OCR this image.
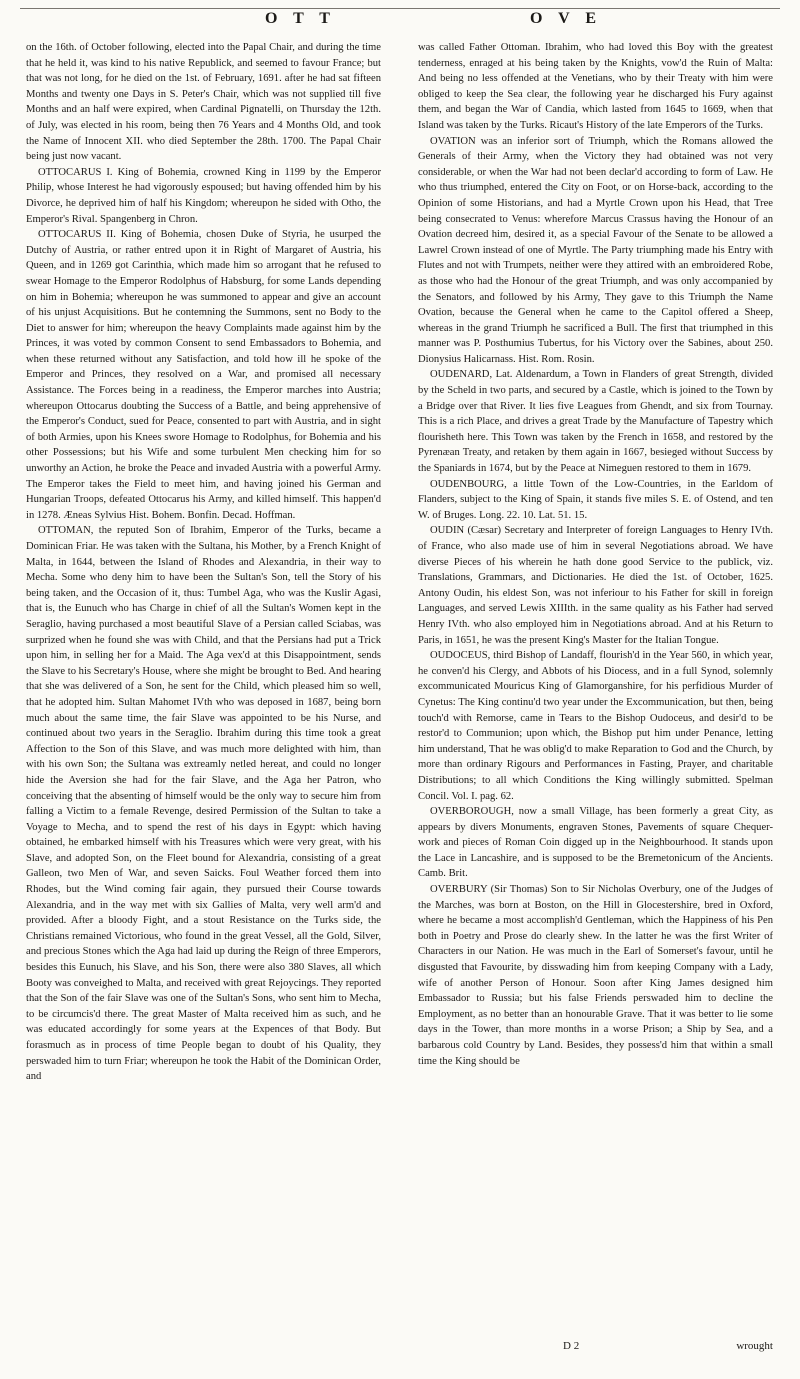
O T T	O V E

on the 16th. of October following, elected into the Papal Chair, and during the time that he held it, was kind to his native Republick, and seemed to favour France; but that was not long, for he died on the 1st. of February, 1691. after he had sat fifteen Months and twenty one Days in S. Peter's Chair, which was not supplied till five Months and an half were expired, when Cardinal Pignatelli, on Thursday the 12th. of July, was elected in his room, being then 76 Years and 4 Months Old, and took the Name of Innocent XII. who died September the 28th. 1700. The Papal Chair being just now vacant.

OTTOCARUS I. King of Bohemia, crowned King in 1199 by the Emperor Philip, whose Interest he had vigorously espoused; but having offended him by his Divorce, he deprived him of half his Kingdom; whereupon he sided with Otho, the Emperor's Rival. Spangenberg in Chron.

OTTOCARUS II. King of Bohemia, chosen Duke of Styria, he usurped the Dutchy of Austria, or rather entred upon it in Right of Margaret of Austria, his Queen, and in 1269 got Carinthia, which made him so arrogant that he refused to swear Homage to the Emperor Rodolphus of Habsburg, for some Lands depending on him in Bohemia; whereupon he was summoned to appear and give an account of his unjust Acquisitions. But he contemning the Summons, sent no Body to the Diet to answer for him; whereupon the heavy Complaints made against him by the Princes, it was voted by common Consent to send Embassadors to Bohemia, and when these returned without any Satisfaction, and told how ill he spoke of the Emperor and Princes, they resolved on a War, and promised all necessary Assistance. The Forces being in a readiness, the Emperor marches into Austria; whereupon Ottocarus doubting the Success of a Battle, and being apprehensive of the Emperor's Conduct, sued for Peace, consented to part with Austria, and in sight of both Armies, upon his Knees swore Homage to Rodolphus, for Bohemia and his other Possessions; but his Wife and some turbulent Men checking him for so unworthy an Action, he broke the Peace and invaded Austria with a powerful Army. The Emperor takes the Field to meet him, and having joined his German and Hungarian Troops, defeated Ottocarus his Army, and killed himself. This happen'd in 1278. Æneas Sylvius Hist. Bohem. Bonfin. Decad. Hoffman.

OTTOMAN, the reputed Son of Ibrahim, Emperor of the Turks, became a Dominican Friar. He was taken with the Sultana, his Mother, by a French Knight of Malta, in 1644, between the Island of Rhodes and Alexandria, in their way to Mecha. Some who deny him to have been the Sultan's Son, tell the Story of his being taken, and the Occasion of it, thus: Tumbel Aga, who was the Kuslir Agasi, that is, the Eunuch who has Charge in chief of all the Sultan's Women kept in the Seraglio, having purchased a most beautiful Slave of a Persian called Sciabas, was surprized when he found she was with Child, and that the Persians had put a Trick upon him, in selling her for a Maid. The Aga vex'd at this Disappointment, sends the Slave to his Secretary's House, where she might be brought to Bed. And hearing that she was delivered of a Son, he sent for the Child, which pleased him so well, that he adopted him. Sultan Mahomet IVth who was deposed in 1687, being born much about the same time, the fair Slave was appointed to be his Nurse, and continued about two years in the Seraglio. Ibrahim during this time took a great Affection to the Son of this Slave, and was much more delighted with him, than with his own Son; the Sultana was extreamly netled hereat, and could no longer hide the Aversion she had for the fair Slave, and the Aga her Patron, who conceiving that the absenting of himself would be the only way to secure him from falling a Victim to a female Revenge, desired Permission of the Sultan to take a Voyage to Mecha, and to spend the rest of his days in Egypt: which having obtained, he embarked himself with his Treasures which were very great, with his Slave, and adopted Son, on the Fleet bound for Alexandria, consisting of a great Galleon, two Men of War, and seven Saicks. Foul Weather forced them into Rhodes, but the Wind coming fair again, they pursued their Course towards Alexandria, and in the way met with six Gallies of Malta, very well arm'd and provided. After a bloody Fight, and a stout Resistance on the Turks side, the Christians remained Victorious, who found in the great Vessel, all the Gold, Silver, and precious Stones which the Aga had laid up during the Reign of three Emperors, besides this Eunuch, his Slave, and his Son, there were also 380 Slaves, all which Booty was conveighed to Malta, and received with great Rejoycings. They reported that the Son of the fair Slave was one of the Sultan's Sons, who sent him to Mecha, to be circumcis'd there. The great Master of Malta received him as such, and he was educated accordingly for some years at the Expences of that Body. But forasmuch as in process of time People began to doubt of his Quality, they perswaded him to turn Friar; whereupon he took the Habit of the Dominican Order, and

was called Father Ottoman. Ibrahim, who had loved this Boy with the greatest tenderness, enraged at his being taken by the Knights, vow'd the Ruin of Malta: And being no less offended at the Venetians, who by their Treaty with him were obliged to keep the Sea clear, the following year he discharged his Fury against them, and began the War of Candia, which lasted from 1645 to 1669, when that Island was taken by the Turks. Ricaut's History of the late Emperors of the Turks.

OVATION was an inferior sort of Triumph, which the Romans allowed the Generals of their Army, when the Victory they had obtained was not very considerable, or when the War had not been declar'd according to form of Law. He who thus triumphed, entered the City on Foot, or on Horse-back, according to the Opinion of some Historians, and had a Myrtle Crown upon his Head, that Tree being consecrated to Venus: wherefore Marcus Crassus having the Honour of an Ovation decreed him, desired it, as a special Favour of the Senate to be allowed a Lawrel Crown instead of one of Myrtle. The Party triumphing made his Entry with Flutes and not with Trumpets, neither were they attired with an embroidered Robe, as those who had the Honour of the great Triumph, and was only accompanied by the Senators, and followed by his Army, They gave to this Triumph the Name Ovation, because the General when he came to the Capitol offered a Sheep, whereas in the grand Triumph he sacrificed a Bull. The first that triumphed in this manner was P. Posthumius Tubertus, for his Victory over the Sabines, about 250. Dionysius Halicarnass. Hist. Rom. Rosin.

OUDENARD, Lat. Aldenardum, a Town in Flanders of great Strength, divided by the Scheld in two parts, and secured by a Castle, which is joined to the Town by a Bridge over that River. It lies five Leagues from Ghendt, and six from Tournay. This is a rich Place, and drives a great Trade by the Manufacture of Tapestry which flourisheth here. This Town was taken by the French in 1658, and restored by the Pyrenæan Treaty, and retaken by them again in 1667, besieged without Success by the Spaniards in 1674, but by the Peace at Nimeguen restored to them in 1679.

OUDENBOURG, a little Town of the Low-Countries, in the Earldom of Flanders, subject to the King of Spain, it stands five miles S. E. of Ostend, and ten W. of Bruges. Long. 22. 10. Lat. 51. 15.

OUDIN (Cæsar) Secretary and Interpreter of foreign Languages to Henry IVth. of France, who also made use of him in several Negotiations abroad. We have diverse Pieces of his wherein he hath done good Service to the publick, viz. Translations, Grammars, and Dictionaries. He died the 1st. of October, 1625. Antony Oudin, his eldest Son, was not inferiour to his Father for skill in foreign Languages, and served Lewis XIIIth. in the same quality as his Father had served Henry IVth. who also employed him in Negotiations abroad. And at his Return to Paris, in 1651, he was the present King's Master for the Italian Tongue.

OUDOCEUS, third Bishop of Landaff, flourish'd in the Year 560, in which year, he conven'd his Clergy, and Abbots of his Diocess, and in a full Synod, solemnly excommunicated Mouricus King of Glamorganshire, for his perfidious Murder of Cynetus: The King continu'd two year under the Excommunication, but then, being touch'd with Remorse, came in Tears to the Bishop Oudoceus, and desir'd to be restor'd to Communion; upon which, the Bishop put him under Penance, letting him understand, That he was oblig'd to make Reparation to God and the Church, by more than ordinary Rigours and Performances in Fasting, Prayer, and charitable Distributions; to all which Conditions the King willingly submitted. Spelman Concil. Vol. I. pag. 62.

OVERBOROUGH, now a small Village, has been formerly a great City, as appears by divers Monuments, engraven Stones, Pavements of square Chequer-work and pieces of Roman Coin digged up in the Neighbourhood. It stands upon the Lace in Lancashire, and is supposed to be the Bremetonicum of the Ancients. Camb. Brit.

OVERBURY (Sir Thomas) Son to Sir Nicholas Overbury, one of the Judges of the Marches, was born at Boston, on the Hill in Glocestershire, bred in Oxford, where he became a most accomplish'd Gentleman, which the Happiness of his Pen both in Poetry and Prose do clearly shew. In the latter he was the first Writer of Characters in our Nation. He was much in the Earl of Somerset's favour, until he disgusted that Favourite, by disswading him from keeping Company with a Lady, wife of another Person of Honour. Soon after King James designed him Embassador to Russia; but his false Friends perswaded him to decline the Employment, as no better than an honourable Grave. That it was better to lie some days in the Tower, than more months in a worse Prison; a Ship by Sea, and a barbarous cold Country by Land. Besides, they possess'd him that within a small time the King should be

D 2	wrought
